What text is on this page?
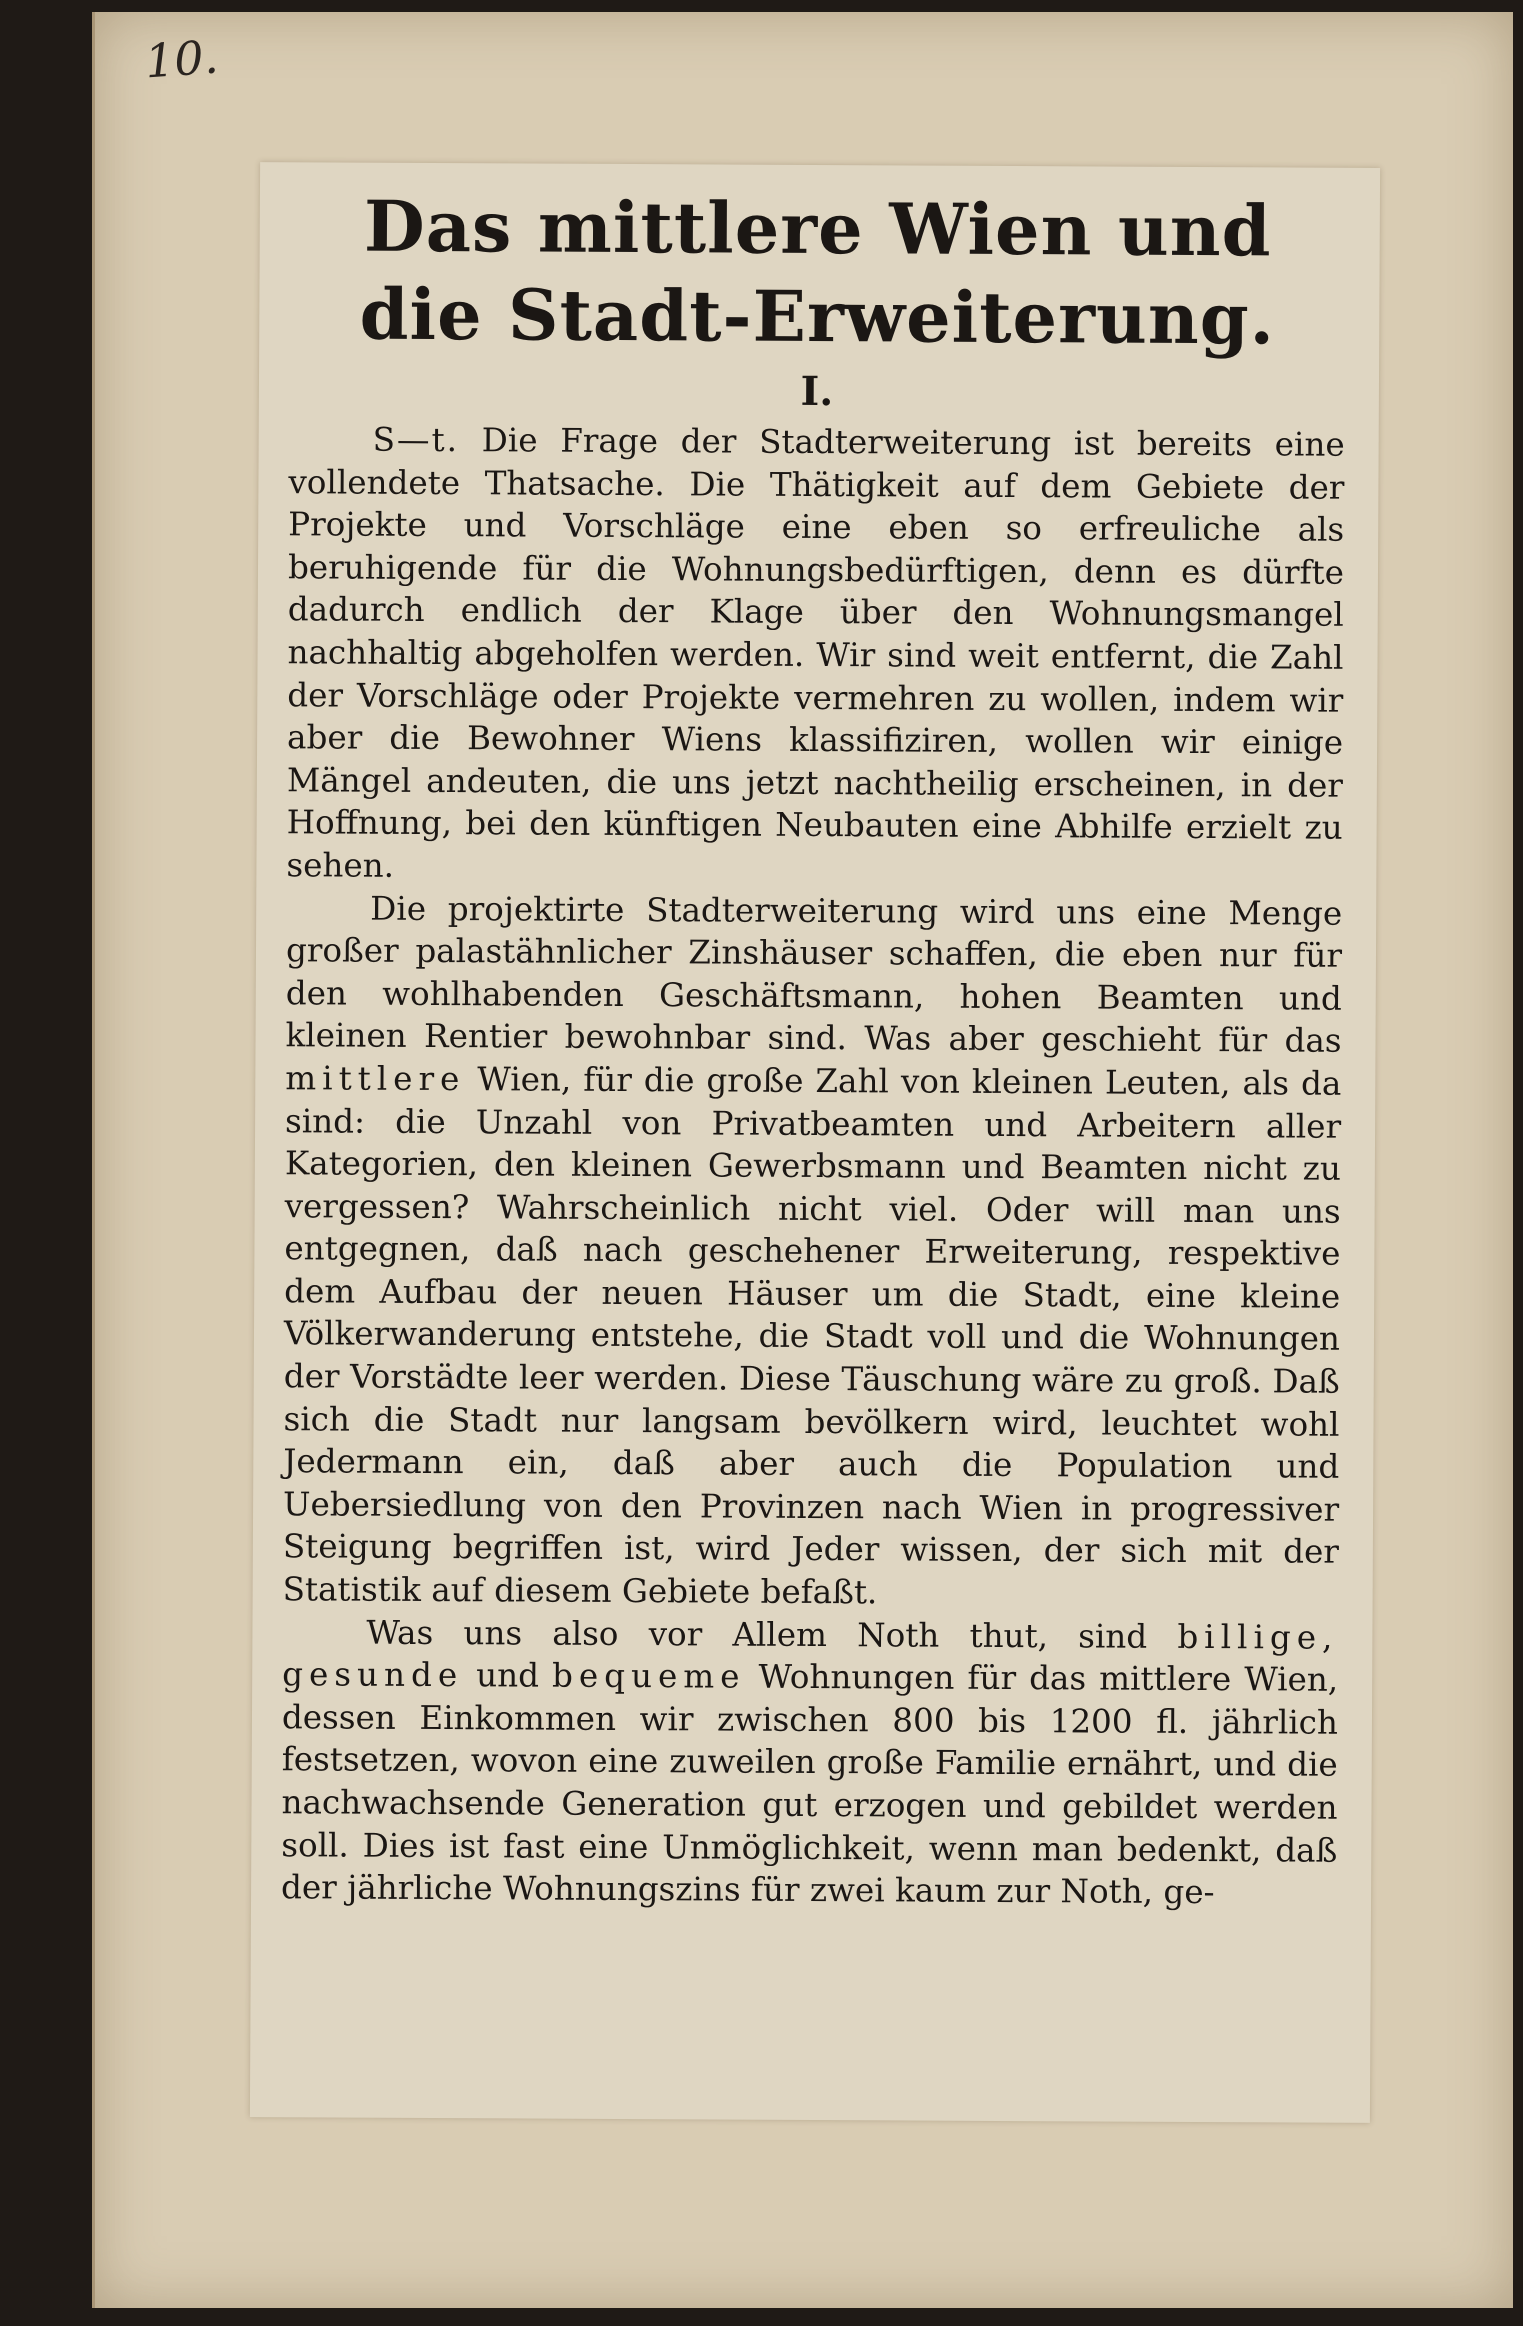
10.
Das mittlere Wien und die Stadt-Erweiterung.
I.

S—t. Die Frage der Stadterweiterung ist bereits eine vollendete Thatsache. Die Thätigkeit auf dem Gebiete der Projekte und Vorschläge eine eben so erfreuliche als beruhigende für die Wohnungsbedürftigen, denn es dürfte dadurch endlich der Klage über den Wohnungsmangel nachhaltig abgeholfen werden. Wir sind weit entfernt, die Zahl der Vorschläge oder Projekte vermehren zu wollen, indem wir aber die Bewohner Wiens klassifiziren, wollen wir einige Mängel andeuten, die uns jetzt nachtheilig erscheinen, in der Hoffnung, bei den künftigen Neubauten eine Abhilfe erzielt zu sehen.

Die projektirte Stadterweiterung wird uns eine Menge großer palastähnlicher Zinshäuser schaffen, die eben nur für den wohlhabenden Geschäftsmann, hohen Beamten und kleinen Rentier bewohnbar sind. Was aber geschieht für das mittlere Wien, für die große Zahl von kleinen Leuten, als da sind: die Unzahl von Privatbeamten und Arbeitern aller Kategorien, den kleinen Gewerbsmann und Beamten nicht zu vergessen? Wahrscheinlich nicht viel. Oder will man uns entgegnen, daß nach geschehener Erweiterung, respektive dem Aufbau der neuen Häuser um die Stadt, eine kleine Völkerwanderung entstehe, die Stadt voll und die Wohnungen der Vorstädte leer werden. Diese Täuschung wäre zu groß. Daß sich die Stadt nur langsam bevölkern wird, leuchtet wohl Jedermann ein, daß aber auch die Population und Uebersiedlung von den Provinzen nach Wien in progressiver Steigung begriffen ist, wird Jeder wissen, der sich mit der Statistik auf diesem Gebiete befaßt.

Was uns also vor Allem Noth thut, sind billige, gesunde und bequeme Wohnungen für das mittlere Wien, dessen Einkommen wir zwischen 800 bis 1200 fl. jährlich festsetzen, wovon eine zuweilen große Familie ernährt, und die nachwachsende Generation gut erzogen und gebildet werden soll. Dies ist fast eine Unmöglichkeit, wenn man bedenkt, daß der jährliche Wohnungszins für zwei kaum zur Noth, ge-
